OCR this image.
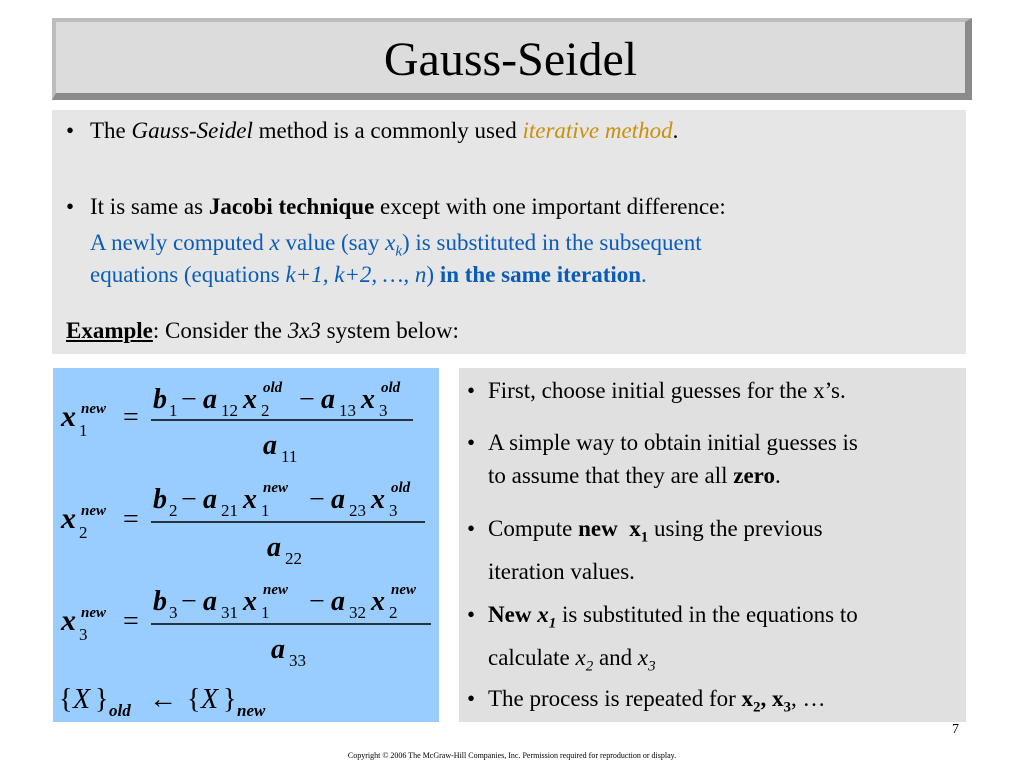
Gauss-Seidel
• The Gauss-Seidel method is a commonly used iterative method.
• It is same as Jacobi technique except with one important difference:
A newly computed x value (say $x_k$) is substituted in the subsequent
equations (equations k+1, k+2, …, n) in the same iteration.
Example: Consider the 3x3 system below:
x 1
new =
b 1 − a 12 x 2
old − a 13 x 3
old
a 11
x 2
new =
b 2 − a 21 x 1
new − a 23 x 3
old
a 22
x 3
new =
b 3 − a 31 x 1
new − a 32 x 2
new
a 33
{ X } old ← { X } new
• First, choose initial guesses for the x’s.
• A simple way to obtain initial guesses is
to assume that they are all zero.
• Compute new $x_1$ using the previous
iteration values.
• New $x_1$ is substituted in the equations to
calculate $x_2$ and $x_3$
• The process is repeated for $x_2$, $x_3$, …
7
Copyright © 2006 The McGraw-Hill Companies, Inc. Permission required for reproduction or display.
